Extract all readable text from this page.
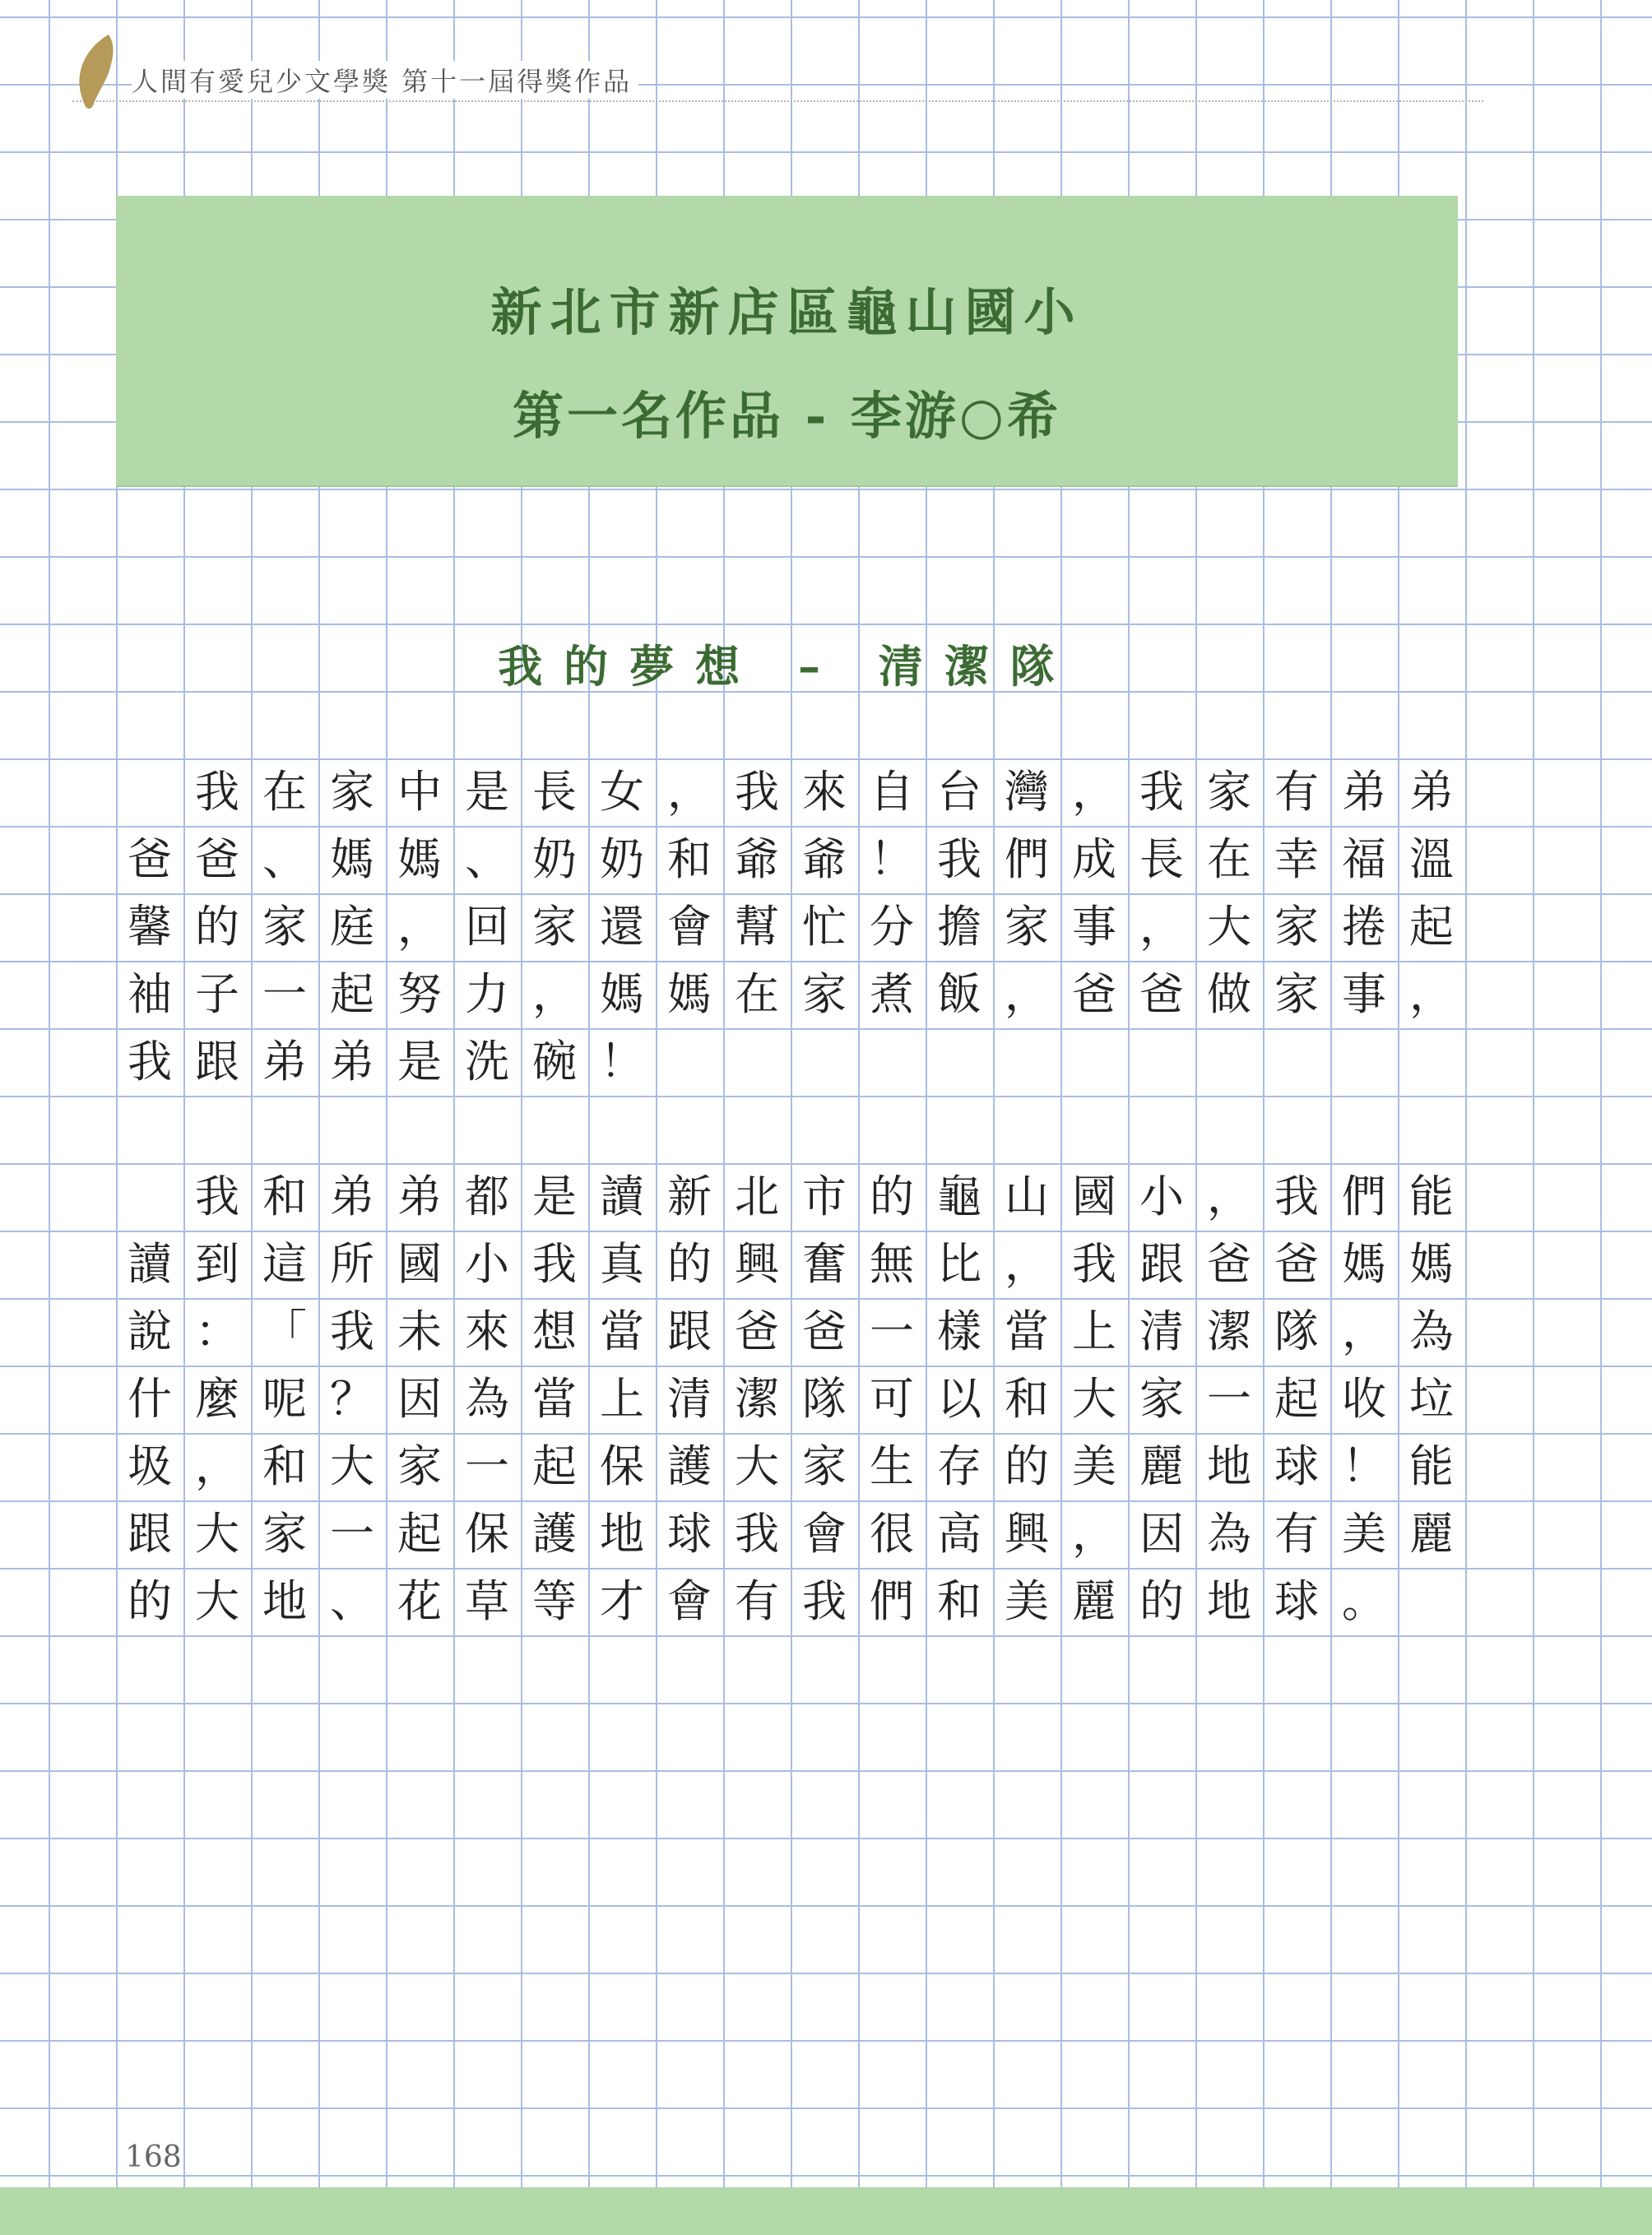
人間有愛兒少文學獎 第十一屆得獎作品
新北市新店區龜山國小
第一名作品 - 李游○希
我的夢想 – 清潔隊

我 在 家 中 是 長 女 ， 我 來 自 台 灣 ， 我 家 有 弟 弟
爸 爸 、 媽 媽 、 奶 奶 和 爺 爺 ！ 我 們 成 長 在 幸 福 溫
馨 的 家 庭 ， 回 家 還 會 幫 忙 分 擔 家 事 ， 大 家 捲 起
袖 子 一 起 努 力 ， 媽 媽 在 家 煮 飯 ， 爸 爸 做 家 事 ，
我 跟 弟 弟 是 洗 碗 ！

我 和 弟 弟 都 是 讀 新 北 市 的 龜 山 國 小 ， 我 們 能
讀 到 這 所 國 小 我 真 的 興 奮 無 比 ， 我 跟 爸 爸 媽 媽
說 ： 「 我 未 來 想 當 跟 爸 爸 一 樣 當 上 清 潔 隊 ， 為
什 麼 呢 ？ 因 為 當 上 清 潔 隊 可 以 和 大 家 一 起 收 垃
圾 ， 和 大 家 一 起 保 護 大 家 生 存 的 美 麗 地 球 ！ 能
跟 大 家 一 起 保 護 地 球 我 會 很 高 興 ， 因 為 有 美 麗
的 大 地 、 花 草 等 才 會 有 我 們 和 美 麗 的 地 球 。
168
